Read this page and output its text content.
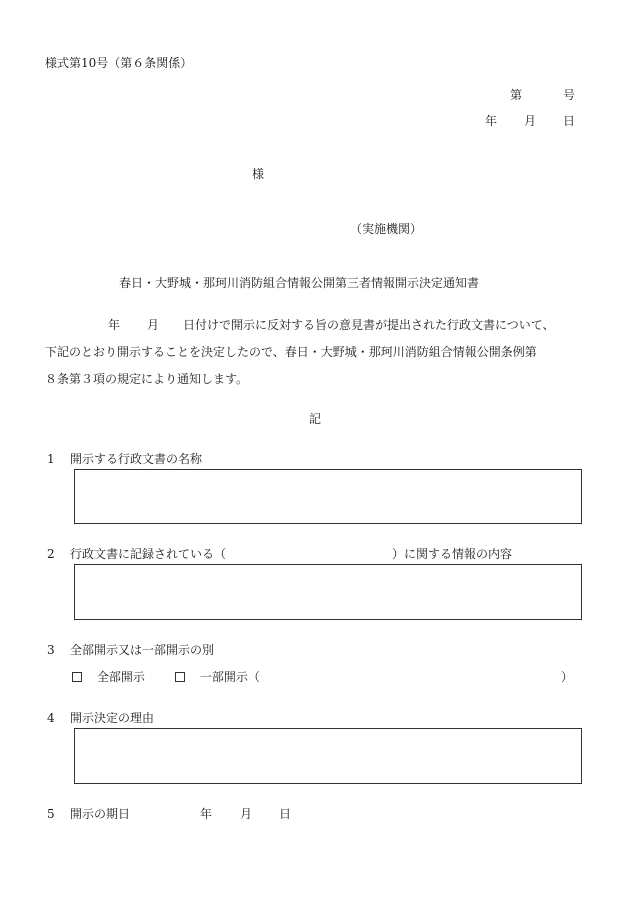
様式第10号（第６条関係）
第	号
年 月 日
様
（実施機関）
春日・大野城・那珂川消防組合情報公開第三者情報開示決定通知書
年 月 日付けで開示に反対する旨の意見書が提出された行政文書について、
下記のとおり開示することを決定したので、春日・大野城・那珂川消防組合情報公開条例第
８条第３項の規定により通知します。
記
1 開示する行政文書の名称
2 行政文書に記録されている（	）に関する情報の内容
3 全部開示又は一部開示の別
全部開示	一部開示（	）
4 開示決定の理由
5 開示の期日	年 月 日
